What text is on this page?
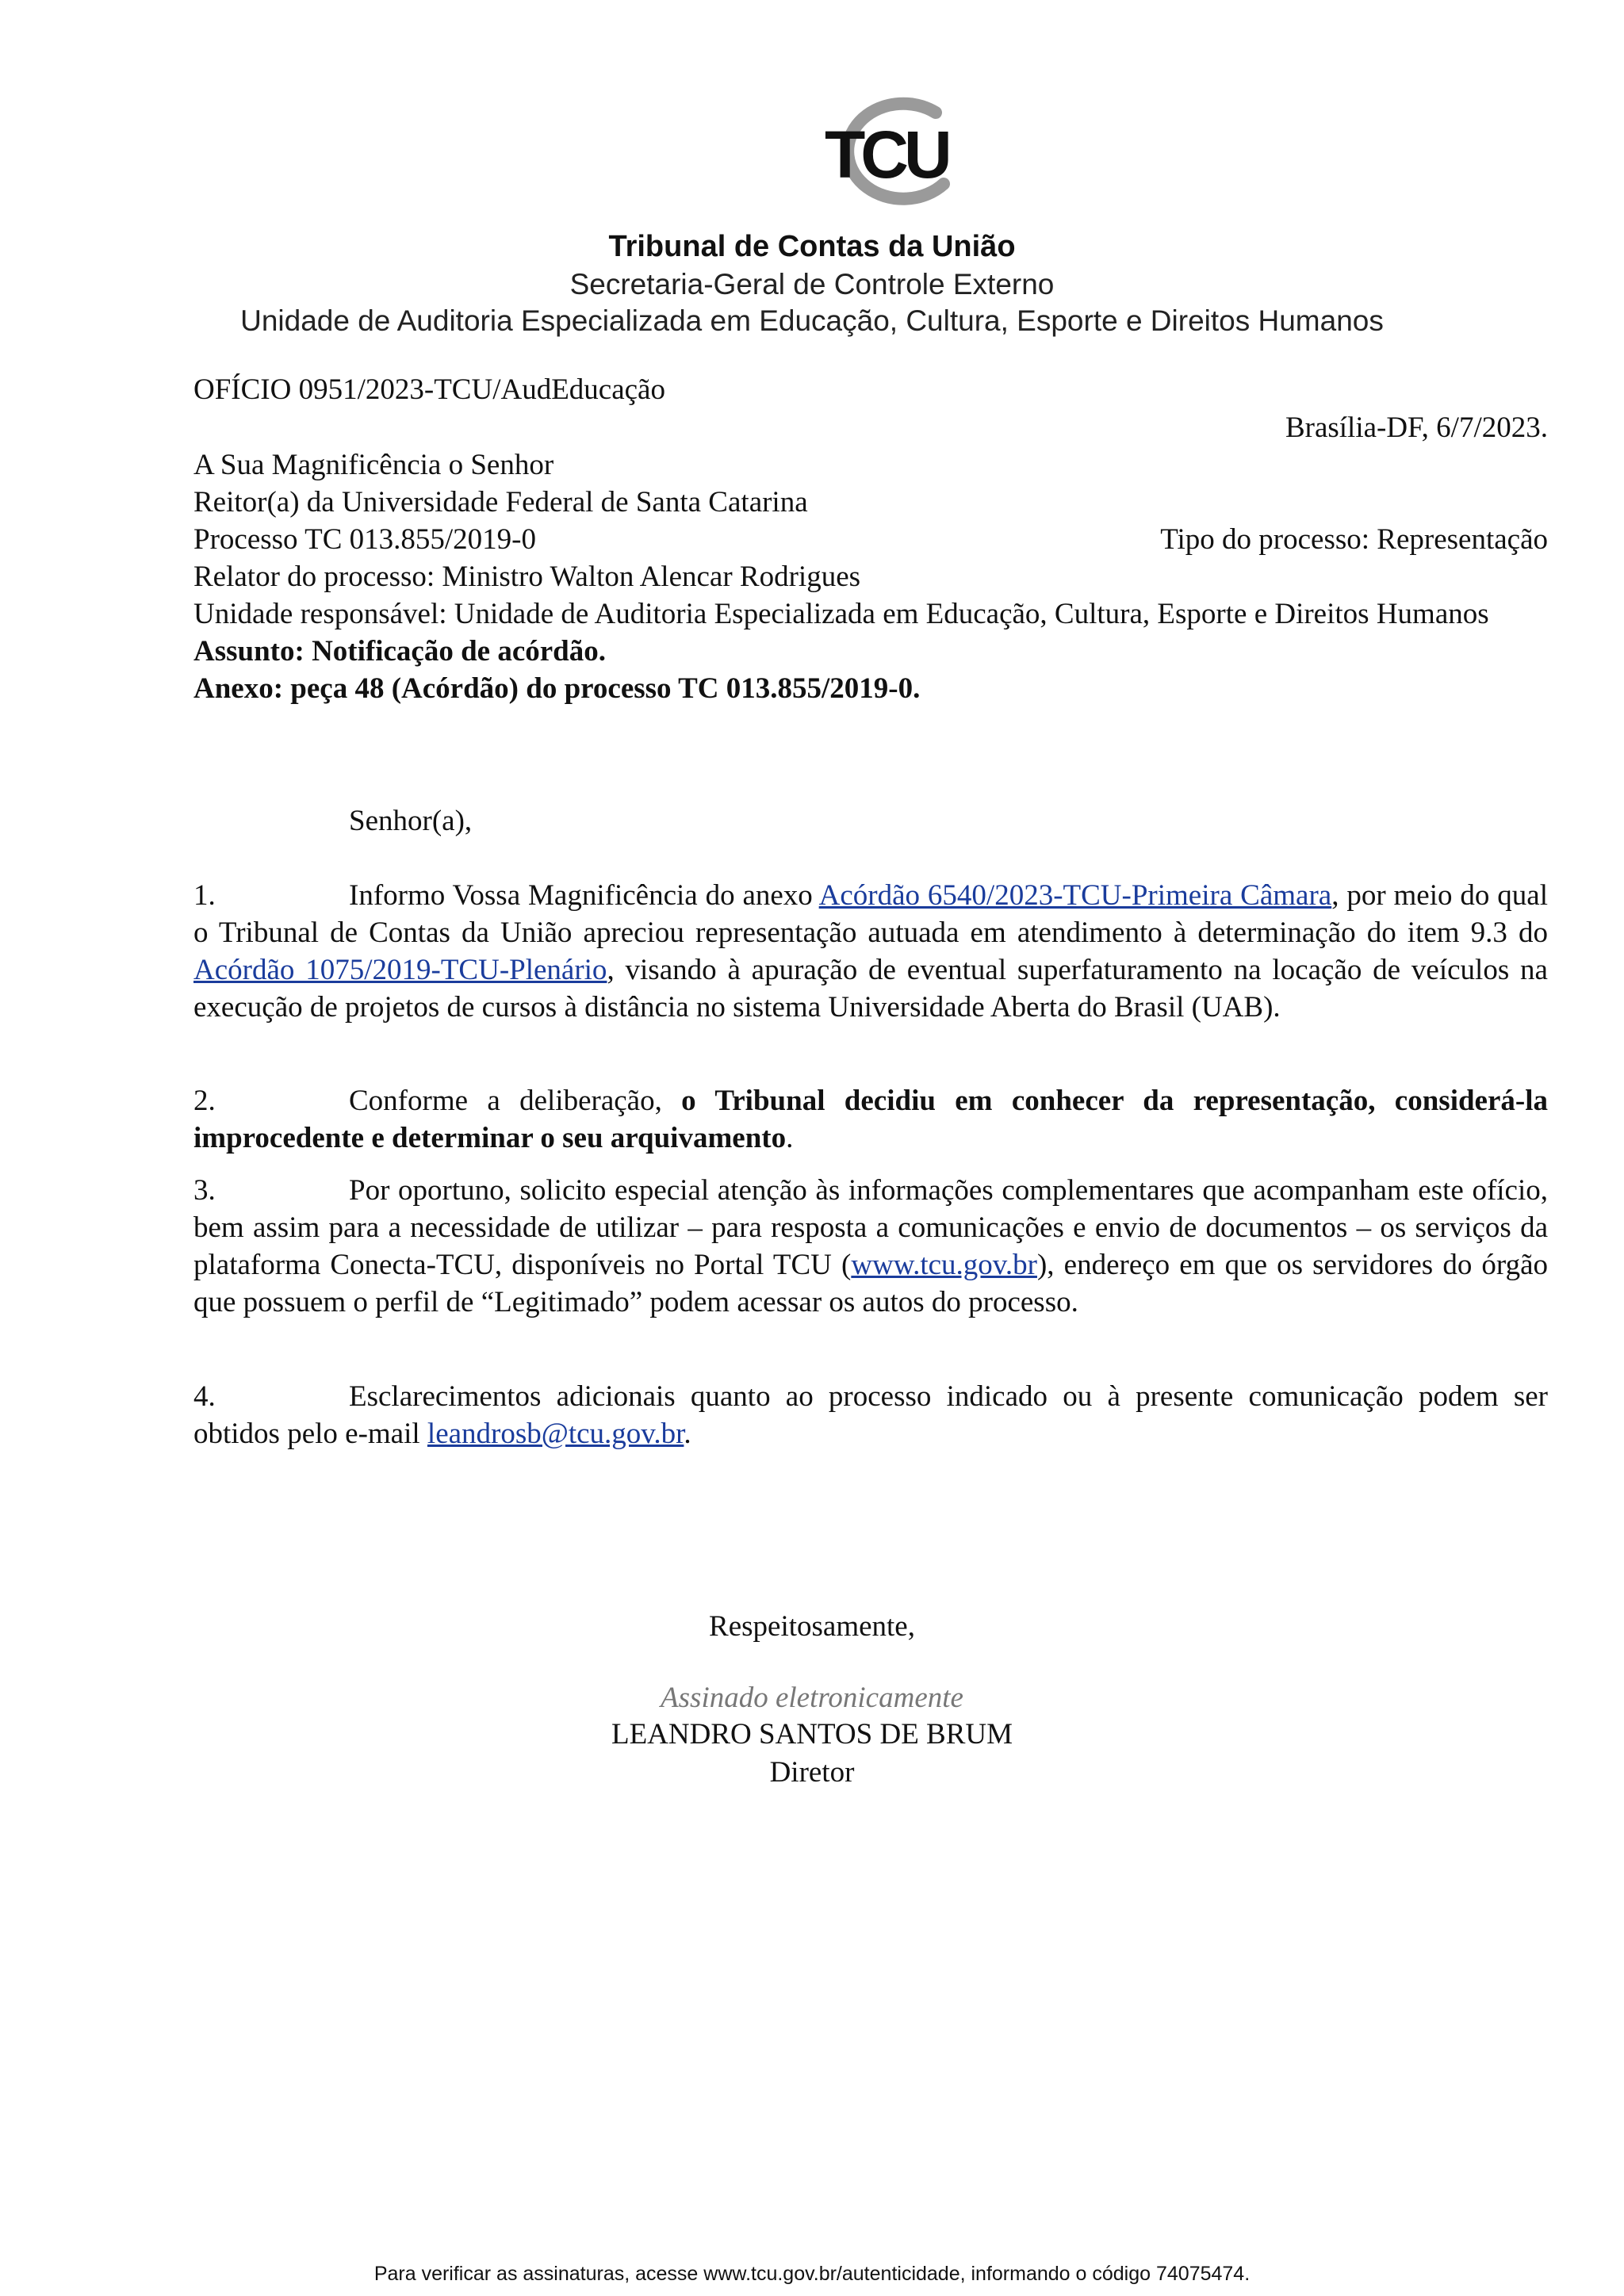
TCU
Tribunal de Contas da União
Secretaria-Geral de Controle Externo
Unidade de Auditoria Especializada em Educação, Cultura, Esporte e Direitos Humanos
OFÍCIO 0951/2023-TCU/AudEducação
Brasília-DF, 6/7/2023.
A Sua Magnificência o Senhor
Reitor(a) da Universidade Federal de Santa Catarina
Processo TC 013.855/2019-0	Tipo do processo: Representação
Relator do processo: Ministro Walton Alencar Rodrigues
Unidade responsável: Unidade de Auditoria Especializada em Educação, Cultura, Esporte e Direitos Humanos
Assunto: Notificação de acórdão.
Anexo: peça 48 (Acórdão) do processo TC 013.855/2019-0.
Senhor(a),
1.	Informo Vossa Magnificência do anexo Acórdão 6540/2023-TCU-Primeira Câmara, por meio do qual o Tribunal de Contas da União apreciou representação autuada em atendimento à determinação do item 9.3 do Acórdão 1075/2019-TCU-Plenário, visando à apuração de eventual superfaturamento na locação de veículos na execução de projetos de cursos à distância no sistema Universidade Aberta do Brasil (UAB).
2.	Conforme a deliberação, o Tribunal decidiu em conhecer da representação, considerá-la improcedente e determinar o seu arquivamento.
3.	Por oportuno, solicito especial atenção às informações complementares que acompanham este ofício, bem assim para a necessidade de utilizar – para resposta a comunicações e envio de documentos – os serviços da plataforma Conecta-TCU, disponíveis no Portal TCU (www.tcu.gov.br), endereço em que os servidores do órgão que possuem o perfil de “Legitimado” podem acessar os autos do processo.
4.	Esclarecimentos adicionais quanto ao processo indicado ou à presente comunicação podem ser obtidos pelo e-mail leandrosb@tcu.gov.br.
Respeitosamente,
Assinado eletronicamente
LEANDRO SANTOS DE BRUM
Diretor
Para verificar as assinaturas, acesse www.tcu.gov.br/autenticidade, informando o código 74075474.
